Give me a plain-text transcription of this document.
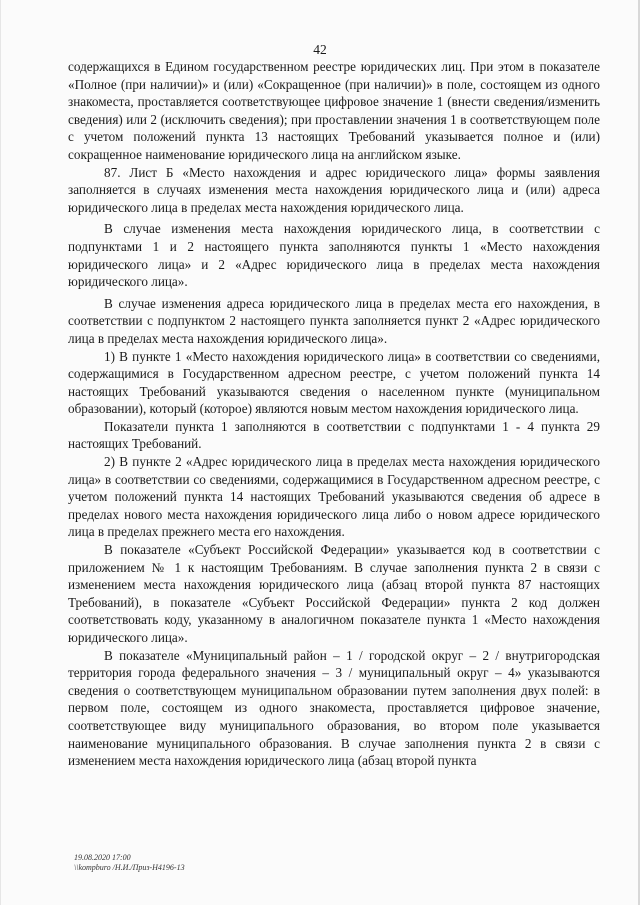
42

содержащихся в Едином государственном реестре юридических лиц. При этом в показателе «Полное (при наличии)» и (или) «Сокращенное (при наличии)» в поле, состоящем из одного знакоместа, проставляется соответствующее цифровое значение 1 (внести сведения/изменить сведения) или 2 (исключить сведения); при проставлении значения 1 в соответствующем поле с учетом положений пункта 13 настоящих Требований указывается полное и (или) сокращенное наименование юридического лица на английском языке.

87. Лист Б «Место нахождения и адрес юридического лица» формы заявления заполняется в случаях изменения места нахождения юридического лица и (или) адреса юридического лица в пределах места нахождения юридического лица.

В случае изменения места нахождения юридического лица, в соответствии с подпунктами 1 и 2 настоящего пункта заполняются пункты 1 «Место нахождения юридического лица» и 2 «Адрес юридического лица в пределах места нахождения юридического лица».

В случае изменения адреса юридического лица в пределах места его нахождения, в соответствии с подпунктом 2 настоящего пункта заполняется пункт 2 «Адрес юридического лица в пределах места нахождения юридического лица».

1) В пункте 1 «Место нахождения юридического лица» в соответствии со сведениями, содержащимися в Государственном адресном реестре, с учетом положений пункта 14 настоящих Требований указываются сведения о населенном пункте (муниципальном образовании), который (которое) являются новым местом нахождения юридического лица.

Показатели пункта 1 заполняются в соответствии с подпунктами 1 - 4 пункта 29 настоящих Требований.

2) В пункте 2 «Адрес юридического лица в пределах места нахождения юридического лица» в соответствии со сведениями, содержащимися в Государственном адресном реестре, с учетом положений пункта 14 настоящих Требований указываются сведения об адресе в пределах нового места нахождения юридического лица либо о новом адресе юридического лица в пределах прежнего места его нахождения.

В показателе «Субъект Российской Федерации» указывается код в соответствии с приложением № 1 к настоящим Требованиям. В случае заполнения пункта 2 в связи с изменением места нахождения юридического лица (абзац второй пункта 87 настоящих Требований), в показателе «Субъект Российской Федерации» пункта 2 код должен соответствовать коду, указанному в аналогичном показателе пункта 1 «Место нахождения юридического лица».

В показателе «Муниципальный район – 1 / городской округ – 2 / внутригородская территория города федерального значения – 3 / муниципальный округ – 4» указываются сведения о соответствующем муниципальном образовании путем заполнения двух полей: в первом поле, состоящем из одного знакоместа, проставляется цифровое значение, соответствующее виду муниципального образования, во втором поле указывается наименование муниципального образования. В случае заполнения пункта 2 в связи с изменением места нахождения юридического лица (абзац второй пункта

19.08.2020 17:00
\\kompburo /Н.И./Приз-Н4196-13
